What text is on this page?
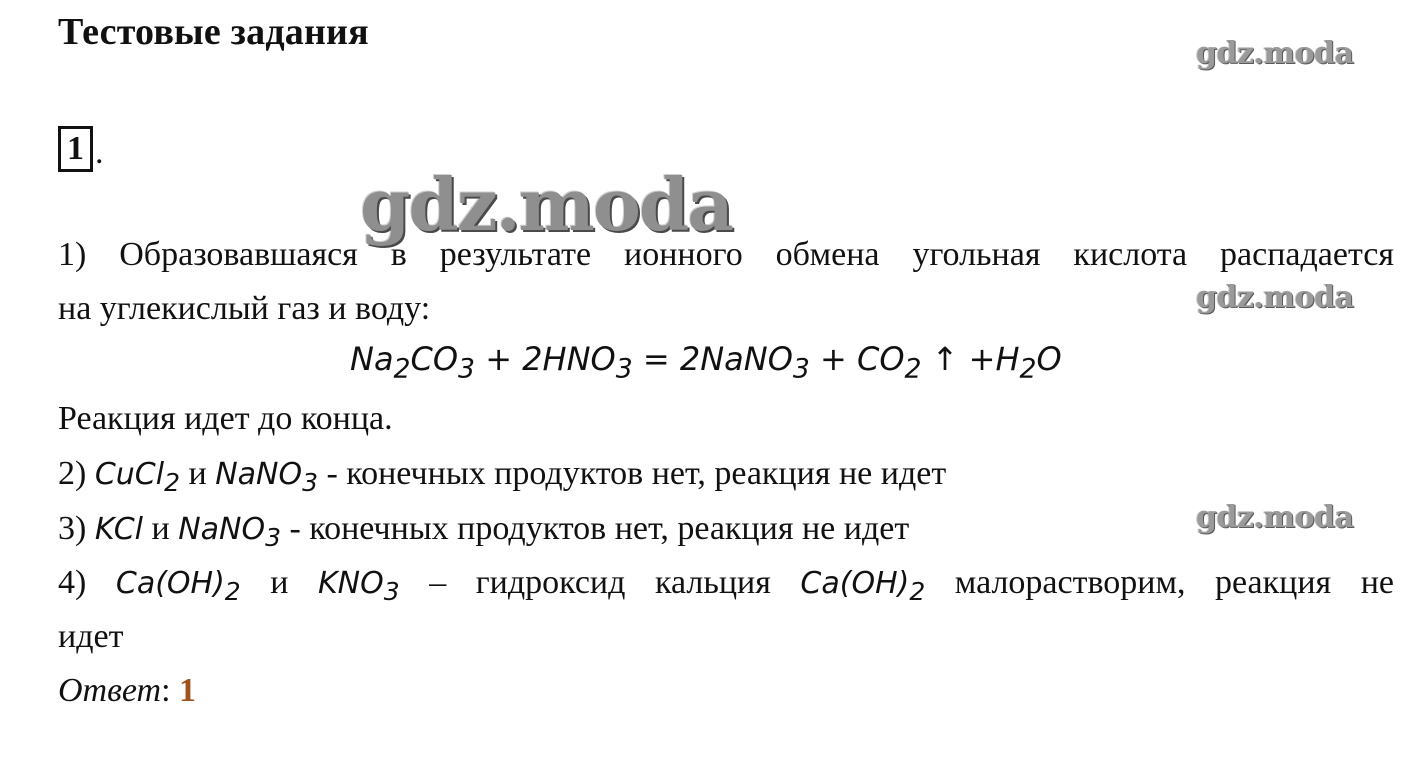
Тестовые задания
gdz.moda
1 .
gdz.moda
1) Образовавшаяся в результате ионного обмена угольная кислота распадается
на углекислый газ и воду:	gdz.moda
$Na_2CO_3 + 2HNO_3$ = 2NaNO$_3$ + $CO_2$ ↑ $+H_2O$
Реакция идет до конца.
2) CuCl$_2$ и NaNO$_3$ - конечных продуктов нет, реакция не идет
gdz.moda
3) KCl и NaNO$_3$ - конечных продуктов нет, реакция не идет
4) $Ca(OH)_2$ и $KNO_3$ – гидроксид кальция $Ca(OH)_2$ малорастворим, реакция не
идет
Ответ: 1
